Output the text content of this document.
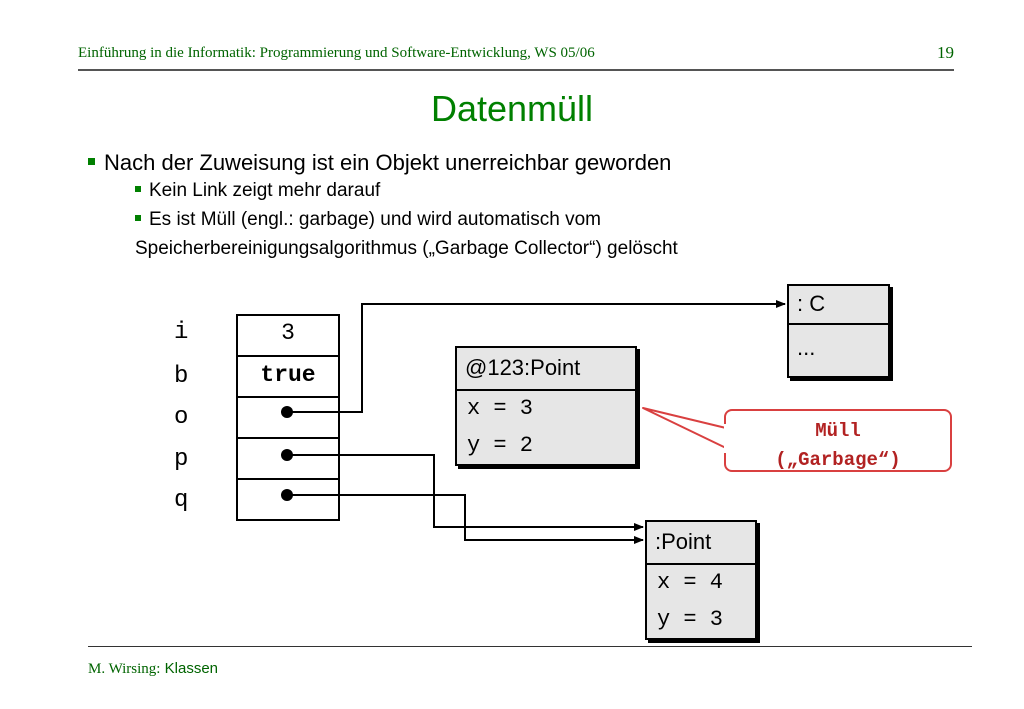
Einführung in die Informatik: Programmierung und Software-Entwicklung, WS 05/06	19
Datenmüll
Nach der Zuweisung ist ein Objekt unerreichbar geworden
Kein Link zeigt mehr darauf
Es ist Müll (engl.: garbage) und wird automatisch vom
Speicherbereinigungsalgorithmus („Garbage Collector“) gelöscht
i
b
o
p
q
3
true
: C
...
@123:Point
x = 3
y = 2
:Point
x = 4
y = 3
Müll
(„Garbage“)
M. Wirsing: Klassen
